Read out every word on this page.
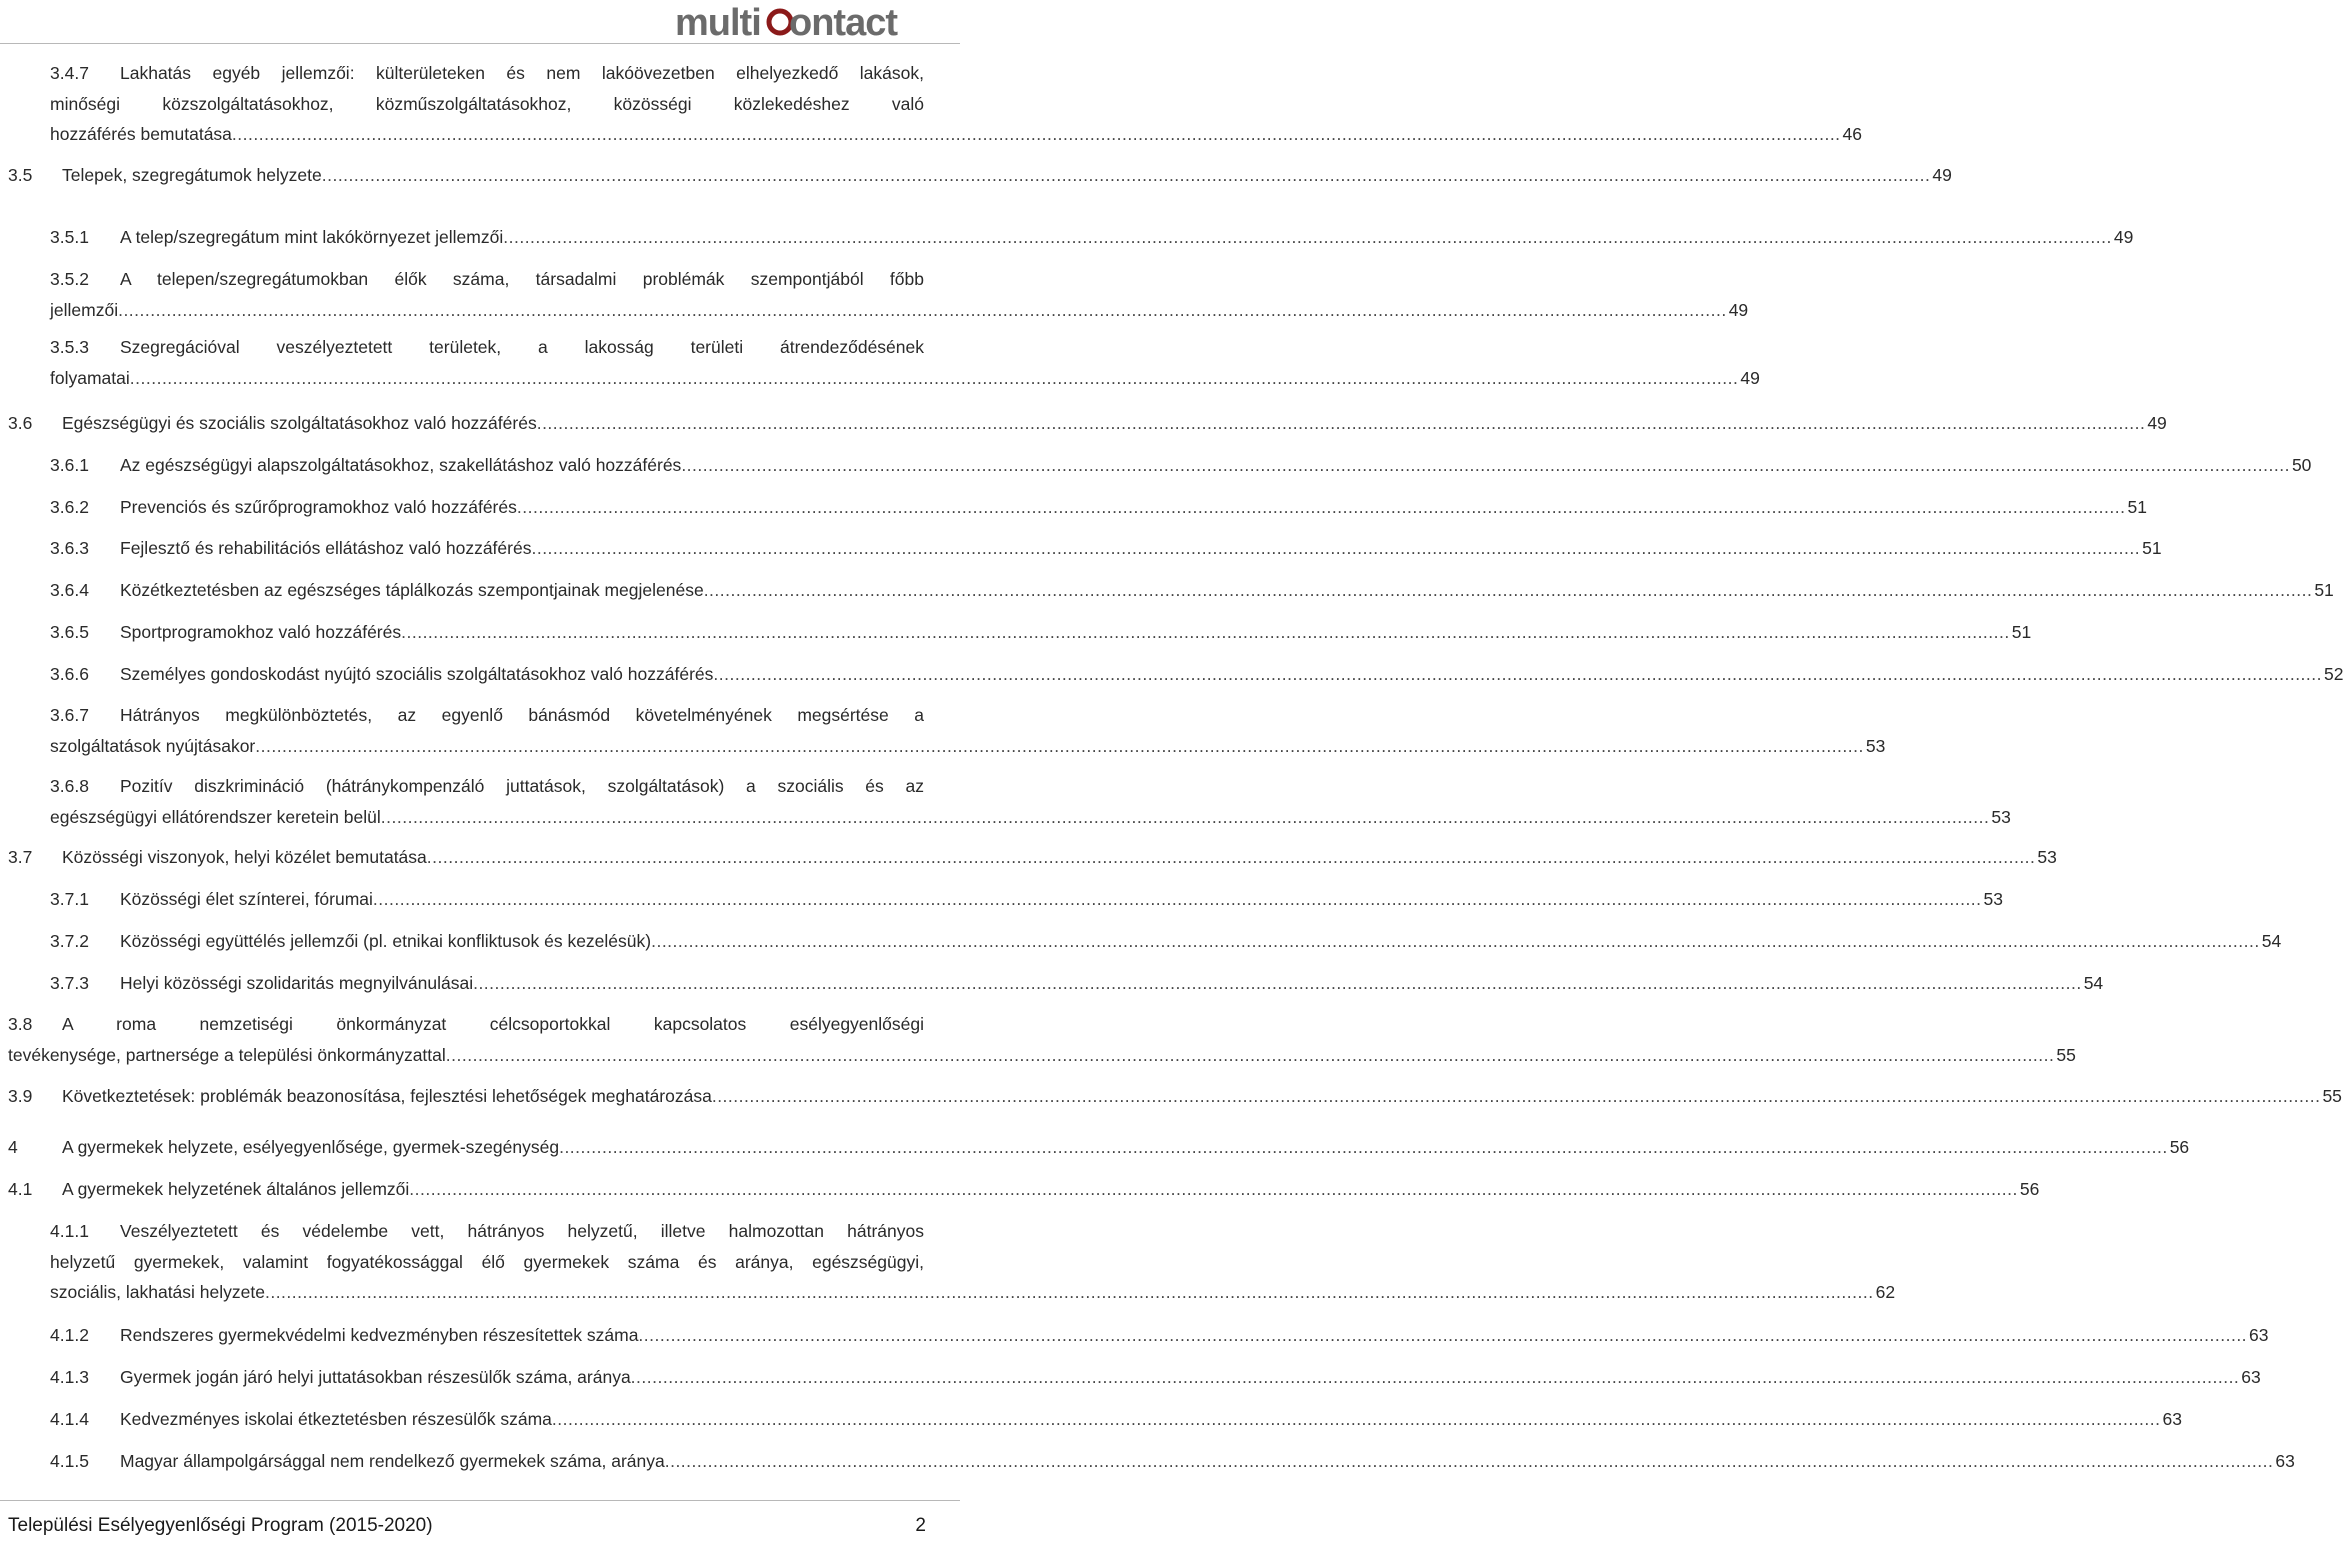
multi ontact
3.4.7 Lakhatás egyéb jellemzői: külterületeken és nem lakóövezetben elhelyezkedő lakások,
minőségi közszolgáltatásokhoz, közműszolgáltatásokhoz, közösségi közlekedéshez való
hozzáférés bemutatása ............................................................................................................................................................................................................................................................................................................ 46
3.5 Telepek, szegregátumok helyzete ............................................................................................................................................................................................................................................................................................................ 49
3.5.1 A telep/szegregátum mint lakókörnyezet jellemzői ............................................................................................................................................................................................................................................................................................................ 49
3.5.2 A telepen/szegregátumokban élők száma, társadalmi problémák szempontjából főbb
jellemzői ............................................................................................................................................................................................................................................................................................................ 49
3.5.3 Szegregációval veszélyeztetett területek, a lakosság területi átrendeződésének
folyamatai ............................................................................................................................................................................................................................................................................................................ 49
3.6 Egészségügyi és szociális szolgáltatásokhoz való hozzáférés ............................................................................................................................................................................................................................................................................................................ 49
3.6.1 Az egészségügyi alapszolgáltatásokhoz, szakellátáshoz való hozzáférés ............................................................................................................................................................................................................................................................................................................ 50
3.6.2 Prevenciós és szűrőprogramokhoz való hozzáférés ............................................................................................................................................................................................................................................................................................................ 51
3.6.3 Fejlesztő és rehabilitációs ellátáshoz való hozzáférés ............................................................................................................................................................................................................................................................................................................ 51
3.6.4 Közétkeztetésben az egészséges táplálkozás szempontjainak megjelenése ............................................................................................................................................................................................................................................................................................................ 51
3.6.5 Sportprogramokhoz való hozzáférés ............................................................................................................................................................................................................................................................................................................ 51
3.6.6 Személyes gondoskodást nyújtó szociális szolgáltatásokhoz való hozzáférés ............................................................................................................................................................................................................................................................................................................ 52
3.6.7 Hátrányos megkülönböztetés, az egyenlő bánásmód követelményének megsértése a
szolgáltatások nyújtásakor ............................................................................................................................................................................................................................................................................................................ 53
3.6.8 Pozitív diszkrimináció (hátránykompenzáló juttatások, szolgáltatások) a szociális és az
egészségügyi ellátórendszer keretein belül ............................................................................................................................................................................................................................................................................................................ 53
3.7 Közösségi viszonyok, helyi közélet bemutatása ............................................................................................................................................................................................................................................................................................................ 53
3.7.1 Közösségi élet színterei, fórumai ............................................................................................................................................................................................................................................................................................................ 53
3.7.2 Közösségi együttélés jellemzői (pl. etnikai konfliktusok és kezelésük) ............................................................................................................................................................................................................................................................................................................ 54
3.7.3 Helyi közösségi szolidaritás megnyilvánulásai ............................................................................................................................................................................................................................................................................................................ 54
3.8 A roma nemzetiségi önkormányzat célcsoportokkal kapcsolatos esélyegyenlőségi
tevékenysége, partnersége a települési önkormányzattal ............................................................................................................................................................................................................................................................................................................ 55
3.9 Következtetések: problémák beazonosítása, fejlesztési lehetőségek meghatározása ............................................................................................................................................................................................................................................................................................................ 55
4	A gyermekek helyzete, esélyegyenlősége, gyermek-szegénység ............................................................................................................................................................................................................................................................................................................ 56
4.1 A gyermekek helyzetének általános jellemzői ............................................................................................................................................................................................................................................................................................................ 56
4.1.1 Veszélyeztetett és védelembe vett, hátrányos helyzetű, illetve halmozottan hátrányos
helyzetű gyermekek, valamint fogyatékossággal élő gyermekek száma és aránya, egészségügyi,
szociális, lakhatási helyzete ............................................................................................................................................................................................................................................................................................................ 62
4.1.2 Rendszeres gyermekvédelmi kedvezményben részesítettek száma ............................................................................................................................................................................................................................................................................................................ 63
4.1.3 Gyermek jogán járó helyi juttatásokban részesülők száma, aránya ............................................................................................................................................................................................................................................................................................................ 63
4.1.4 Kedvezményes iskolai étkeztetésben részesülők száma ............................................................................................................................................................................................................................................................................................................ 63
4.1.5 Magyar állampolgársággal nem rendelkező gyermekek száma, aránya ............................................................................................................................................................................................................................................................................................................ 63
Települési Esélyegyenlőségi Program (2015-2020)	2
